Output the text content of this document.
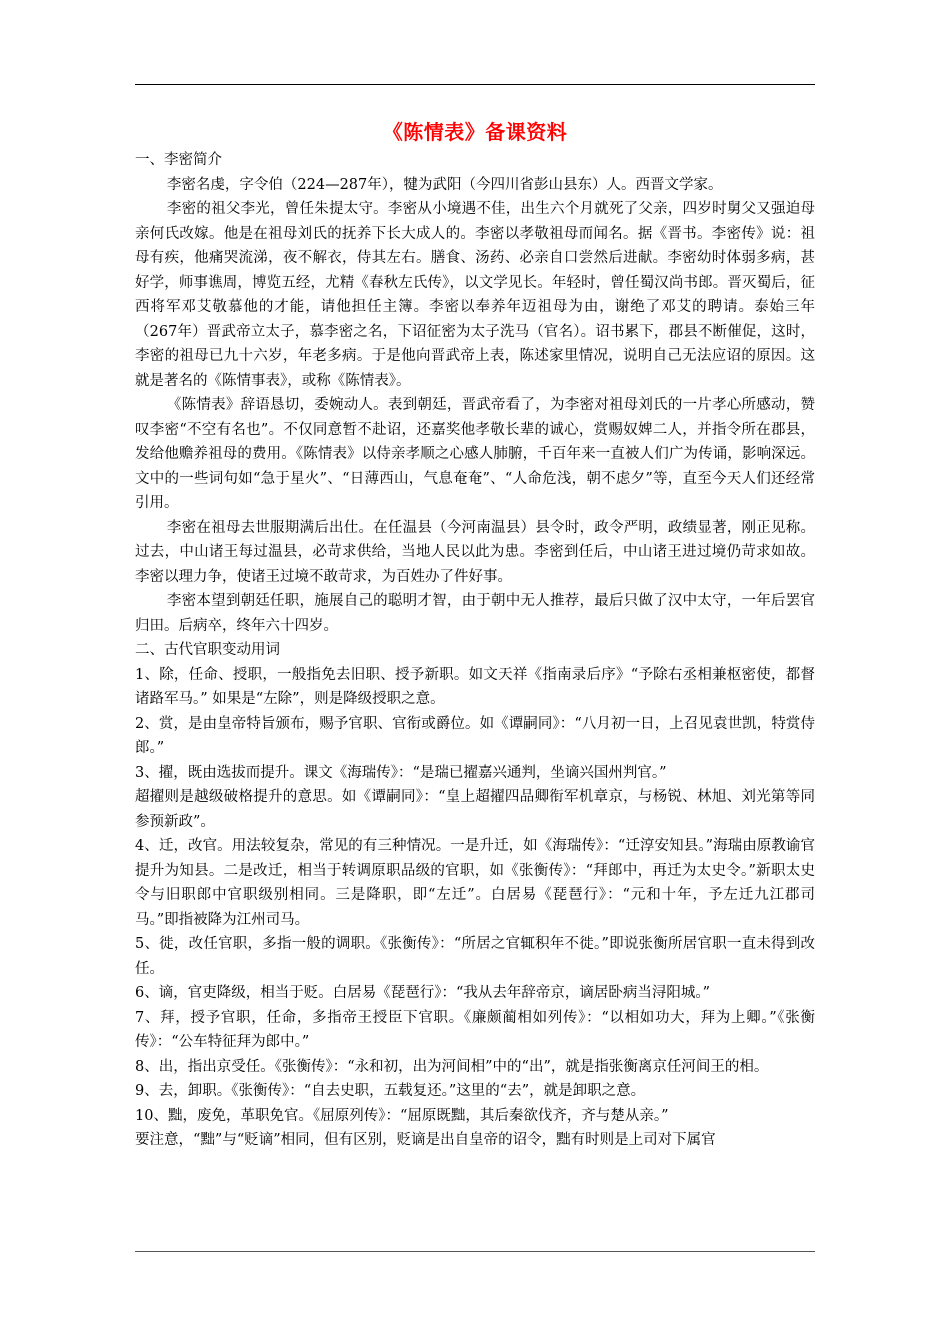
《陈情表》备课资料
一、李密简介

李密名虔，字令伯（224—287年），犍为武阳（今四川省彭山县东）人。西晋文学家。

李密的祖父李光，曾任朱提太守。李密从小境遇不佳，出生六个月就死了父亲，四岁时舅父又强迫母亲何氏改嫁。他是在祖母刘氏的抚养下长大成人的。李密以孝敬祖母而闻名。据《晋书。李密传》说：祖母有疾，他痛哭流涕，夜不解衣，侍其左右。膳食、汤药、必亲自口尝然后进献。李密幼时体弱多病，甚好学，师事谯周，博览五经，尤精《春秋左氏传》，以文学见长。年轻时，曾任蜀汉尚书郎。晋灭蜀后，征西将军邓艾敬慕他的才能，请他担任主簿。李密以奉养年迈祖母为由，谢绝了邓艾的聘请。泰始三年（267年）晋武帝立太子，慕李密之名，下诏征密为太子洗马（官名）。诏书累下，郡县不断催促，这时，李密的祖母已九十六岁，年老多病。于是他向晋武帝上表，陈述家里情况，说明自己无法应诏的原因。这就是著名的《陈情事表》，或称《陈情表》。

《陈情表》辞语恳切，委婉动人。表到朝廷，晋武帝看了，为李密对祖母刘氏的一片孝心所感动，赞叹李密“不空有名也”。不仅同意暂不赴诏，还嘉奖他孝敬长辈的诚心，赏赐奴婢二人，并指令所在郡县，发给他赡养祖母的费用。《陈情表》以侍亲孝顺之心感人肺腑，千百年来一直被人们广为传诵，影响深远。文中的一些词句如“急于星火”、“日薄西山，气息奄奄”、“人命危浅，朝不虑夕”等，直至今天人们还经常引用。

李密在祖母去世服期满后出仕。在任温县（今河南温县）县令时，政令严明，政绩显著，刚正见称。过去，中山诸王每过温县，必苛求供给，当地人民以此为患。李密到任后，中山诸王进过境仍苛求如故。李密以理力争，使诸王过境不敢苛求，为百姓办了件好事。

李密本望到朝廷任职，施展自己的聪明才智，由于朝中无人推荐，最后只做了汉中太守，一年后罢官归田。后病卒，终年六十四岁。

二、古代官职变动用词

1、除，任命、授职，一般指免去旧职、授予新职。如文天祥《指南录后序》“予除右丞相兼枢密使，都督诸路军马。” 如果是“左除”，则是降级授职之意。

2、赏，是由皇帝特旨颁布，赐予官职、官衔或爵位。如《谭嗣同》：“八月初一日，上召见袁世凯，特赏侍郎。”

3、擢，既由选拔而提升。课文《海瑞传》：“是瑞已擢嘉兴通判，坐谪兴国州判官。”

超擢则是越级破格提升的意思。如《谭嗣同》：“皇上超擢四品卿衔军机章京，与杨锐、林旭、刘光第等同参预新政”。

4、迁，改官。用法较复杂，常见的有三种情况。一是升迁，如《海瑞传》：“迁淳安知县。”海瑞由原教谕官提升为知县。二是改迁，相当于转调原职品级的官职，如《张衡传》：“拜郎中，再迁为太史令。”新职太史令与旧职郎中官职级别相同。三是降职，即“左迁”。白居易《琵琶行》：“元和十年，予左迁九江郡司马。”即指被降为江州司马。

5、徙，改任官职，多指一般的调职。《张衡传》：“所居之官辄积年不徙。”即说张衡所居官职一直未得到改任。

6、谪，官吏降级，相当于贬。白居易《琵琶行》：“我从去年辞帝京，谪居卧病当浔阳城。”

7、拜，授予官职，任命，多指帝王授臣下官职。《廉颇蔺相如列传》：“以相如功大，拜为上卿。”《张衡传》：“公车特征拜为郎中。”

8、出，指出京受任。《张衡传》：“永和初，出为河间相”中的“出”，就是指张衡离京任河间王的相。

9、去，卸职。《张衡传》：“自去史职，五载复还。”这里的“去”，就是卸职之意。

10、黜，废免，革职免官。《屈原列传》：“屈原既黜，其后秦欲伐齐，齐与楚从亲。”

要注意，“黜”与“贬谪”相同，但有区别，贬谪是出自皇帝的诏令，黜有时则是上司对下属官
